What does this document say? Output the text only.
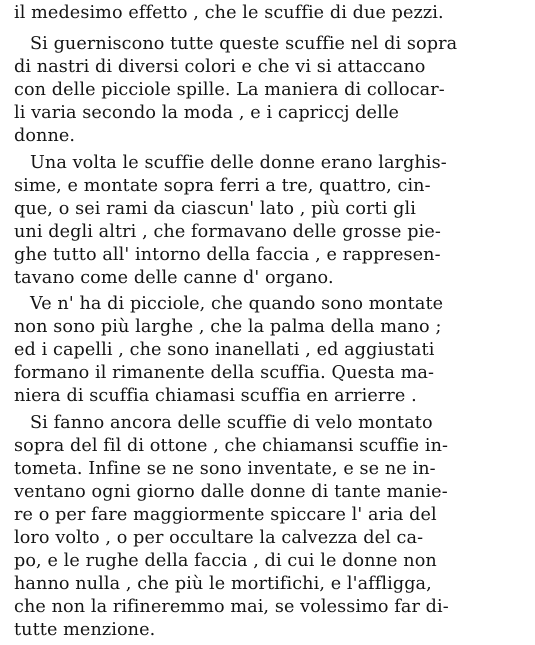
il medesimo effetto , che le scuffie di due pezzi.
Si guerniscono tutte queste scuffie nel di sopra
di nastri di diversi colori e che vi si attaccano
con delle picciole spille. La maniera di collocar-
li varia secondo la moda , e i capriccj delle
donne.
Una volta le scuffie delle donne erano larghis-
sime, e montate sopra ferri a tre, quattro, cin-
que, o sei rami da ciascun' lato , più corti gli
uni degli altri , che formavano delle grosse pie-
ghe tutto all' intorno della faccia , e rappresen-
tavano come delle canne d' organo.
Ve n' ha di picciole, che quando sono montate
non sono più larghe , che la palma della mano ;
ed i capelli , che sono inanellati , ed aggiustati
formano il rimanente della scuffia. Questa ma-
niera di scuffia chiamasi scuffia en arrierre .
Si fanno ancora delle scuffie di velo montato
sopra del fil di ottone , che chiamansi scuffie in-
tometa. Infine se ne sono inventate, e se ne in-
ventano ogni giorno dalle donne di tante manie-
re o per fare maggiormente spiccare l' aria del
loro volto , o per occultare la calvezza del ca-
po, e le rughe della faccia , di cui le donne non
hanno nulla , che più le mortifichi, e l'affligga,
che non la rifineremmo mai, se volessimo far di-
tutte menzione.
